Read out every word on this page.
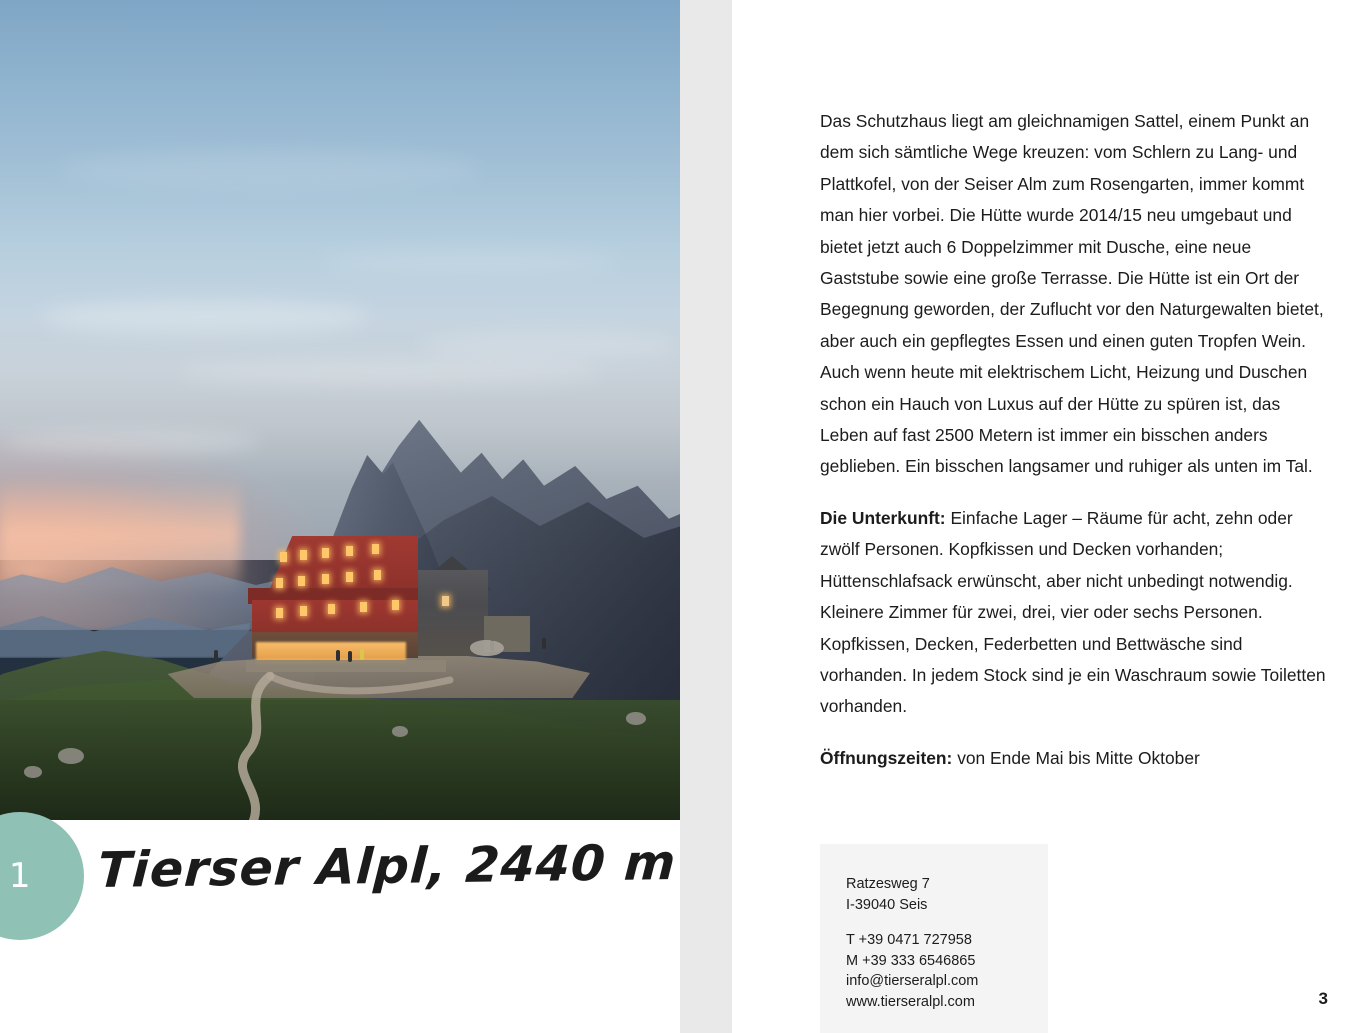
1 Tierser Alpl, 2440 m

Das Schutzhaus liegt am gleichnamigen Sattel, einem Punkt an dem sich sämtliche Wege kreuzen: vom Schlern zu Lang- und Plattkofel, von der Seiser Alm zum Rosengarten, immer kommt man hier vorbei. Die Hütte wurde 2014/15 neu umgebaut und bietet jetzt auch 6 Doppelzimmer mit Dusche, eine neue Gaststube sowie eine große Terrasse. Die Hütte ist ein Ort der Begegnung geworden, der Zuflucht vor den Naturgewalten bietet, aber auch ein gepflegtes Essen und einen guten Tropfen Wein. Auch wenn heute mit elektrischem Licht, Heizung und Duschen schon ein Hauch von Luxus auf der Hütte zu spüren ist, das Leben auf fast 2500 Metern ist immer ein bisschen anders geblieben. Ein bisschen langsamer und ruhiger als unten im Tal.

Die Unterkunft: Einfache Lager – Räume für acht, zehn oder zwölf Personen. Kopfkissen und Decken vorhanden; Hüttenschlafsack erwünscht, aber nicht unbedingt notwendig. Kleinere Zimmer für zwei, drei, vier oder sechs Personen. Kopfkissen, Decken, Federbetten und Bettwäsche sind vorhanden. In jedem Stock sind je ein Waschraum sowie Toiletten vorhanden.

Öffnungszeiten: von Ende Mai bis Mitte Oktober

Ratzesweg 7
I-39040 Seis
T +39 0471 727958
M +39 333 6546865
info@tierseralpl.com
www.tierseralpl.com	3
